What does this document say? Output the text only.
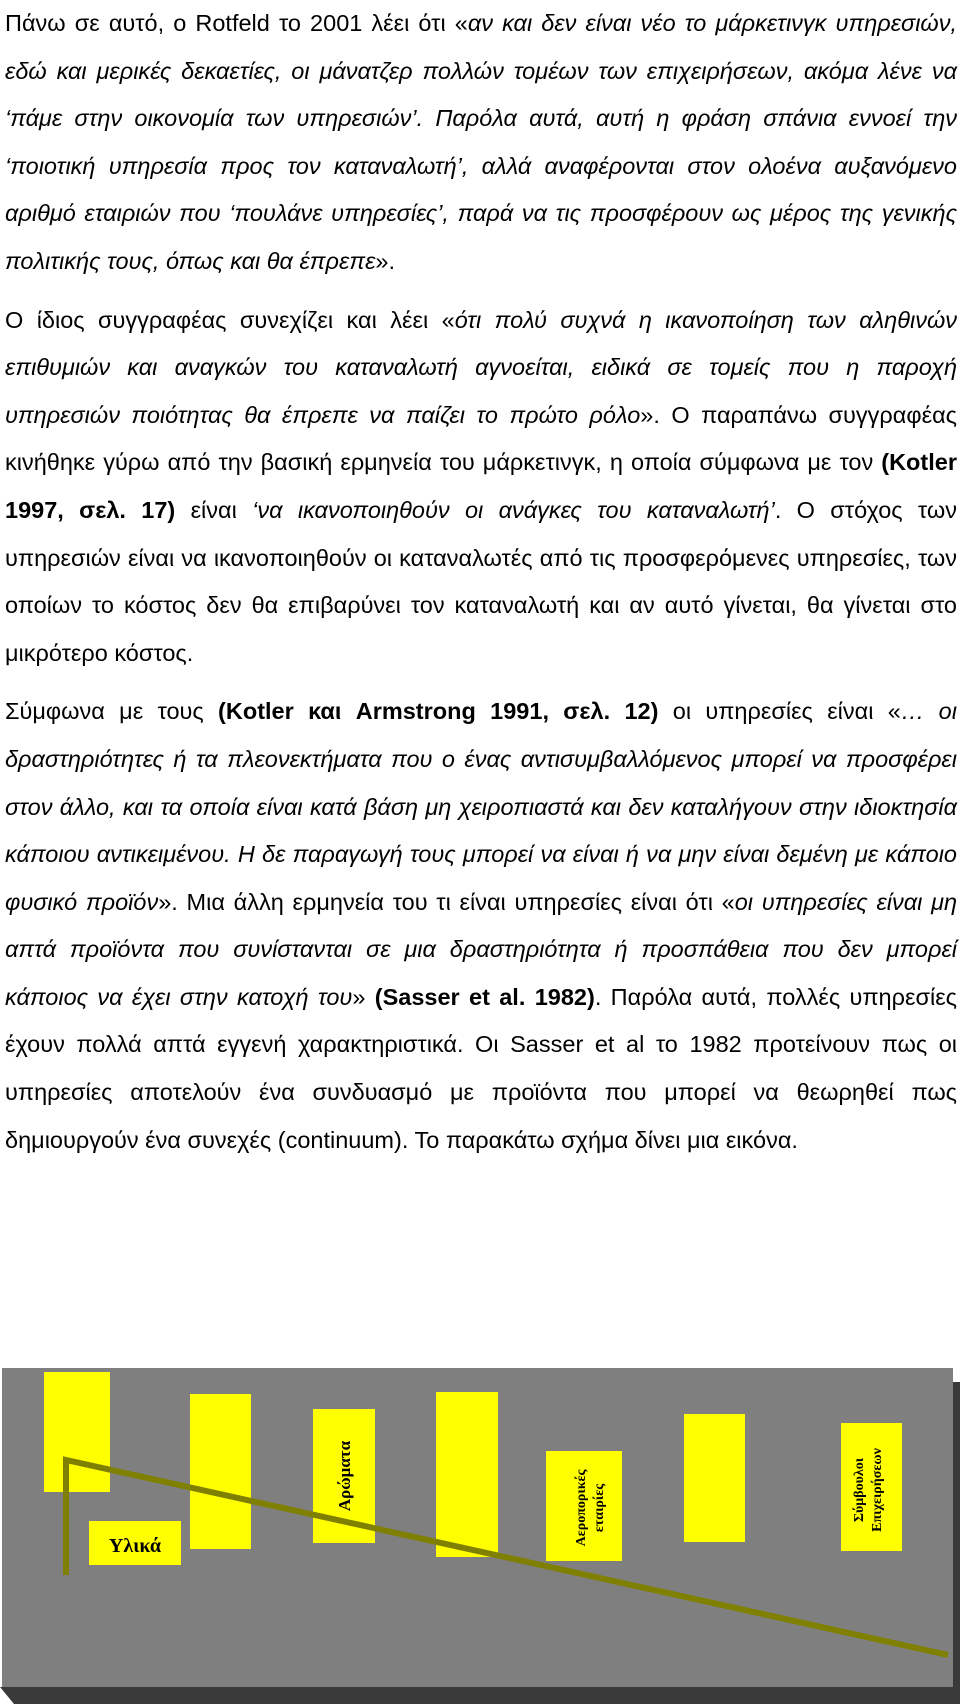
Πάνω σε αυτό, ο Rotfeld το 2001 λέει ότι «αν και δεν είναι νέο το μάρκετινγκ υπηρεσιών, εδώ και μερικές δεκαετίες, οι μάνατζερ πολλών τομέων των επιχειρήσεων, ακόμα λένε να ‘πάμε στην οικονομία των υπηρεσιών’. Παρόλα αυτά, αυτή η φράση σπάνια εννοεί την ‘ποιοτική υπηρεσία προς τον καταναλωτή’, αλλά αναφέρονται στον ολοένα αυξανόμενο αριθμό εταιριών που ‘πουλάνε υπηρεσίες’, παρά να τις προσφέρουν ως μέρος της γενικής πολιτικής τους, όπως και θα έπρεπε».

Ο ίδιος συγγραφέας συνεχίζει και λέει «ότι πολύ συχνά η ικανοποίηση των αληθινών επιθυμιών και αναγκών του καταναλωτή αγνοείται, ειδικά σε τομείς που η παροχή υπηρεσιών ποιότητας θα έπρεπε να παίζει το πρώτο ρόλο». Ο παραπάνω συγγραφέας κινήθηκε γύρω από την βασική ερμηνεία του μάρκετινγκ, η οποία σύμφωνα με τον (Kotler 1997, σελ. 17) είναι ‘να ικανοποιηθούν οι ανάγκες του καταναλωτή’. Ο στόχος των υπηρεσιών είναι να ικανοποιηθούν οι καταναλωτές από τις προσφερόμενες υπηρεσίες, των οποίων το κόστος δεν θα επιβαρύνει τον καταναλωτή και αν αυτό γίνεται, θα γίνεται στο μικρότερο κόστος.

Σύμφωνα με τους (Kotler και Armstrong 1991, σελ. 12) οι υπηρεσίες είναι «… οι δραστηριότητες ή τα πλεονεκτήματα που ο ένας αντισυμβαλλόμενος μπορεί να προσφέρει στον άλλο, και τα οποία είναι κατά βάση μη χειροπιαστά και δεν καταλήγουν στην ιδιοκτησία κάποιου αντικειμένου. Η δε παραγωγή τους μπορεί να είναι ή να μην είναι δεμένη με κάποιο φυσικό προϊόν». Μια άλλη ερμηνεία του τι είναι υπηρεσίες είναι ότι «οι υπηρεσίες είναι μη απτά προϊόντα που συνίστανται σε μια δραστηριότητα ή προσπάθεια που δεν μπορεί κάποιος να έχει στην κατοχή του» (Sasser et al. 1982). Παρόλα αυτά, πολλές υπηρεσίες έχουν πολλά απτά εγγενή χαρακτηριστικά. Οι Sasser et al το 1982 προτείνουν πως οι υπηρεσίες αποτελούν ένα συνδυασμό με προϊόντα που μπορεί να θεωρηθεί πως δημιουργούν ένα συνεχές (continuum). Το παρακάτω σχήμα δίνει μια εικόνα.

Υλικά
Αρώματα	Αεροπορικές εταιρίες	Σύμβουλοι Επιχειρήσεων
